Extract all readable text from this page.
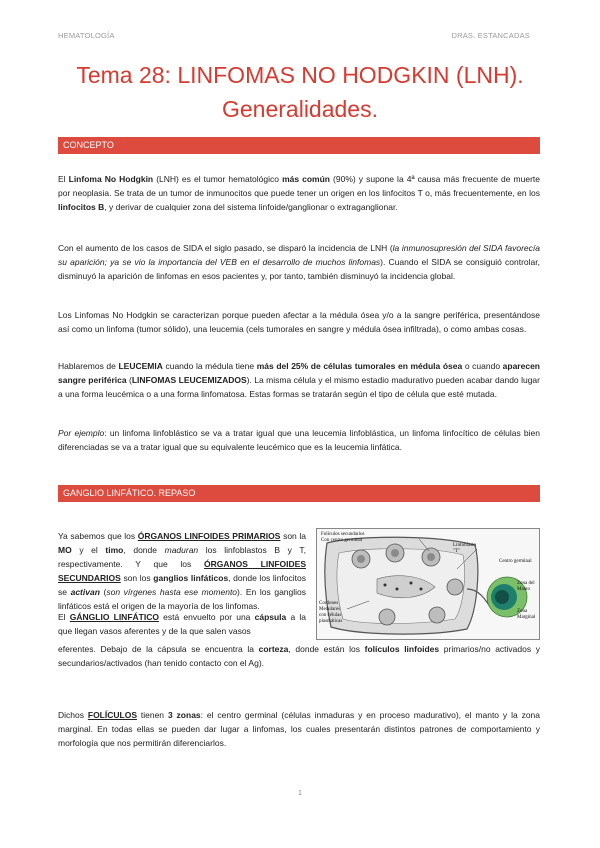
HEMATOLOGÍA	DRAS. ESTANCADAS
Tema 28: LINFOMAS NO HODGKIN (LNH).
Generalidades.
CONCEPTO
El Linfoma No Hodgkin (LNH) es el tumor hematológico más común (90%) y supone la 4ª causa más frecuente de muerte por neoplasia. Se trata de un tumor de inmunocitos que puede tener un origen en los linfocitos T o, más frecuentemente, en los linfocitos B, y derivar de cualquier zona del sistema linfoide/ganglionar o extraganglionar.
Con el aumento de los casos de SIDA el siglo pasado, se disparó la incidencia de LNH (la inmunosupresión del SIDA favorecía su aparición; ya se vio la importancia del VEB en el desarrollo de muchos linfomas). Cuando el SIDA se consiguió controlar, disminuyó la aparición de linfomas en esos pacientes y, por tanto, también disminuyó la incidencia global.
Los Linfomas No Hodgkin se caracterizan porque pueden afectar a la médula ósea y/o a la sangre periférica, presentándose así como un linfoma (tumor sólido), una leucemia (cels tumorales en sangre y médula ósea infiltrada), o como ambas cosas.
Hablaremos de LEUCEMIA cuando la médula tiene más del 25% de células tumorales en médula ósea o cuando aparecen sangre periférica (LINFOMAS LEUCEMIZADOS). La misma célula y el mismo estadio madurativo pueden acabar dando lugar a una forma leucémica o a una forma linfomatosa. Estas formas se tratarán según el tipo de célula que esté mutada.
Por ejemplo: un linfoma linfoblástico se va a tratar igual que una leucemia linfoblástica, un linfoma linfocítico de células bien diferenciadas se va a tratar igual que su equivalente leucémico que es la leucemia linfática.
GANGLIO LINFÁTICO. REPASO
Ya sabemos que los ÓRGANOS LINFOIDES PRIMARIOS son la MO y el timo, donde maduran los linfoblastos B y T, respectivamente. Y que los ÓRGANOS LINFOIDES SECUNDARIOS son los ganglios linfáticos, donde los linfocitos se activan (son vírgenes hasta ese momento). En los ganglios linfáticos está el origen de la mayoría de los linfomas.
El GÁNGLIO LINFÁTICO está envuelto por una cápsula a la que llegan vasos aferentes y de la que salen vasos
eferentes. Debajo de la cápsula se encuentra la corteza, donde están los folículos linfoides primarios/no activados y secundarios/activados (han tenido contacto con el Ag).
Folículos secundarios
Con centro germinal
Linfoblasto
"T"
Cordones
Medulares
con células
plasmáticas
Centro germinal
Zona del
Manto
Zona
Marginal
Dichos FOLÍCULOS tienen 3 zonas: el centro germinal (células inmaduras y en proceso madurativo), el manto y la zona marginal. En todas ellas se pueden dar lugar a linfomas, los cuales presentarán distintos patrones de comportamiento y morfología que nos permitirán diferenciarlos.
1
